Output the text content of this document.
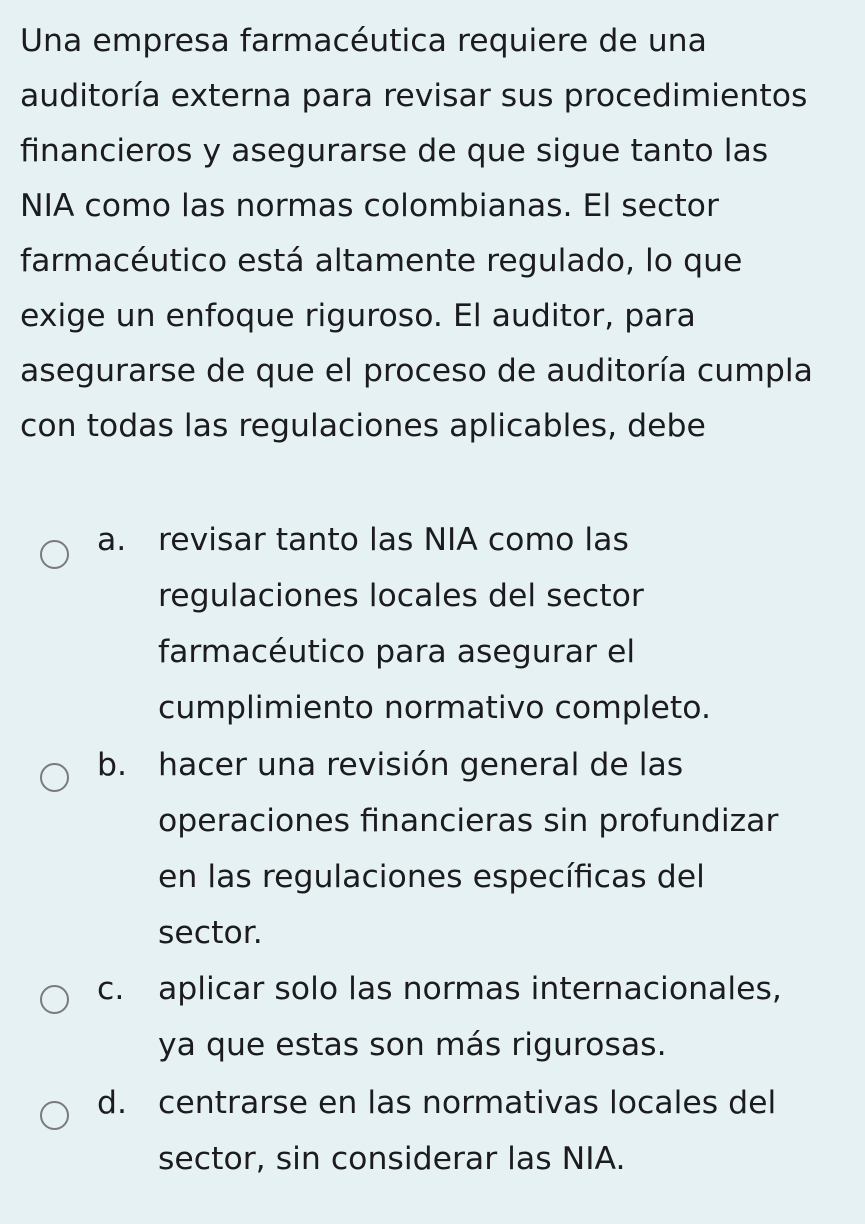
Una empresa farmacéutica requiere de una
auditoría externa para revisar sus procedimientos
financieros y asegurarse de que sigue tanto las
NIA como las normas colombianas. El sector
farmacéutico está altamente regulado, lo que
exige un enfoque riguroso. El auditor, para
asegurarse de que el proceso de auditoría cumpla
con todas las regulaciones aplicables, debe
a. revisar tanto las NIA como las
regulaciones locales del sector
farmacéutico para asegurar el
cumplimiento normativo completo.
b. hacer una revisión general de las
operaciones financieras sin profundizar
en las regulaciones específicas del
sector.
c. aplicar solo las normas internacionales,
ya que estas son más rigurosas.
d. centrarse en las normativas locales del
sector, sin considerar las NIA.
